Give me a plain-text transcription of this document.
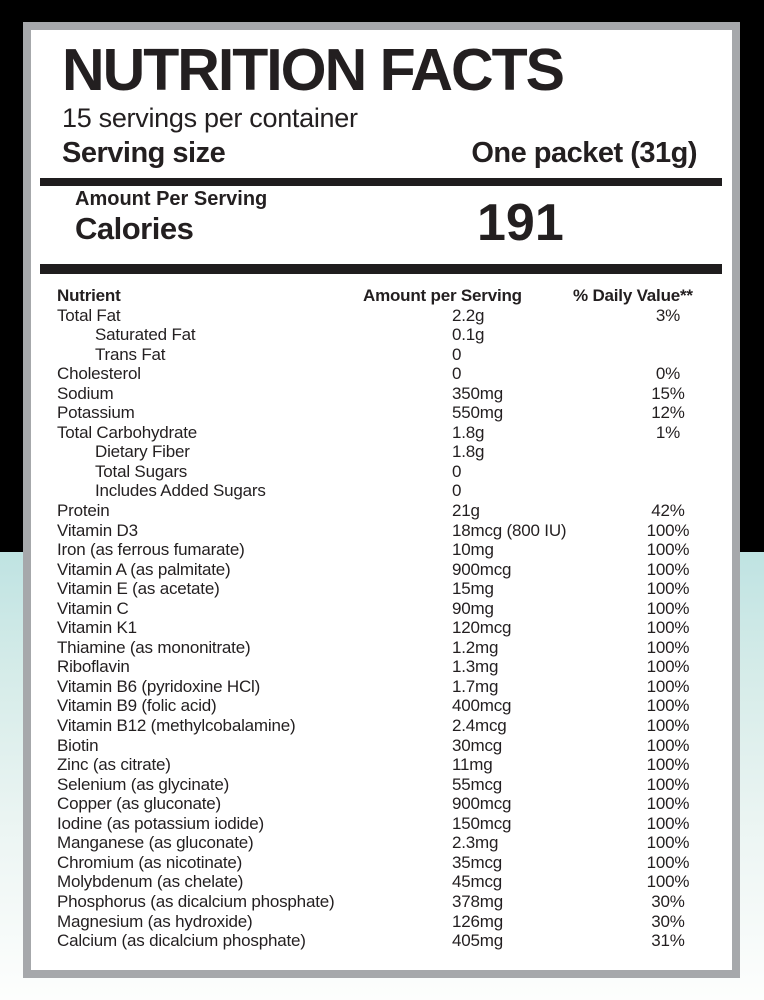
NUTRITION FACTS
15 servings per container
Serving size	One packet (31g)
Amount Per Serving
Calories	191
Nutrient	Amount per Serving	% Daily Value**
Total Fat	2.2g	3%
Saturated Fat	0.1g
Trans Fat	0
Cholesterol	0	0%
Sodium	350mg	15%
Potassium	550mg	12%
Total Carbohydrate	1.8g	1%
Dietary Fiber	1.8g
Total Sugars	0
Includes Added Sugars	0
Protein	21g	42%
Vitamin D3	18mcg (800 IU)	100%
Iron (as ferrous fumarate)	10mg	100%
Vitamin A (as palmitate)	900mcg	100%
Vitamin E (as acetate)	15mg	100%
Vitamin C	90mg	100%
Vitamin K1	120mcg	100%
Thiamine (as mononitrate)	1.2mg	100%
Riboflavin	1.3mg	100%
Vitamin B6 (pyridoxine HCl)	1.7mg	100%
Vitamin B9 (folic acid)	400mcg	100%
Vitamin B12 (methylcobalamine)	2.4mcg	100%
Biotin	30mcg	100%
Zinc (as citrate)	11mg	100%
Selenium (as glycinate)	55mcg	100%
Copper (as gluconate)	900mcg	100%
Iodine (as potassium iodide)	150mcg	100%
Manganese (as gluconate)	2.3mg	100%
Chromium (as nicotinate)	35mcg	100%
Molybdenum (as chelate)	45mcg	100%
Phosphorus (as dicalcium phosphate)	378mg	30%
Magnesium (as hydroxide)	126mg	30%
Calcium (as dicalcium phosphate)	405mg	31%
